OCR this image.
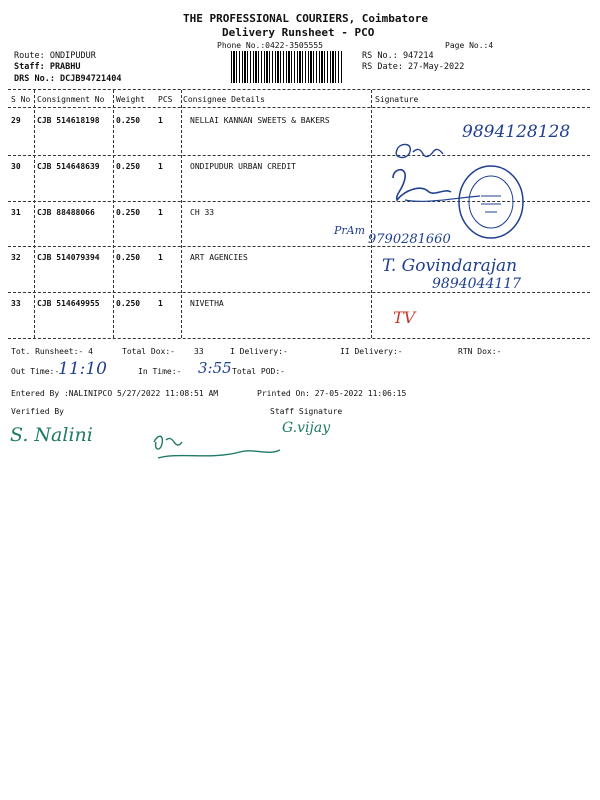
THE PROFESSIONAL COURIERS, Coimbatore
Delivery Runsheet - PCO
Phone No.:0422-3505555	Page No.:4
Route: ONDIPUDUR
Staff: PRABHU
DRS No.: DCJB94721404
RS No.: 947214
RS Date: 27-May-2022
S No Consignment No Weight PCS Consignee Details	Signature
29 CJB 514618198 0.250 1	NELLAI KANNAN SWEETS & BAKERS
30 CJB 514648639 0.250 1	ONDIPUDUR URBAN CREDIT
31 CJB 88488066	0.250 1	CH 33
32 CJB 514079394 0.250 1	ART AGENCIES
33 CJB 514649955 0.250 1	NIVETHA
9894128128
PrAm
9790281660
T. Govindarajan
9894044117
TV
Tot. Runsheet:- 4	Total Dox:- 33	I Delivery:-	II Delivery:-	RTN Dox:-
Out Time:-
11:10	In Time:- 3:55 Total POD:-
Entered By :NALINIPCO 5/27/2022 11:08:51 AM	Printed On: 27-05-2022 11:06:15
Verified By	Staff Signature
S. Nalini	G.vijay
